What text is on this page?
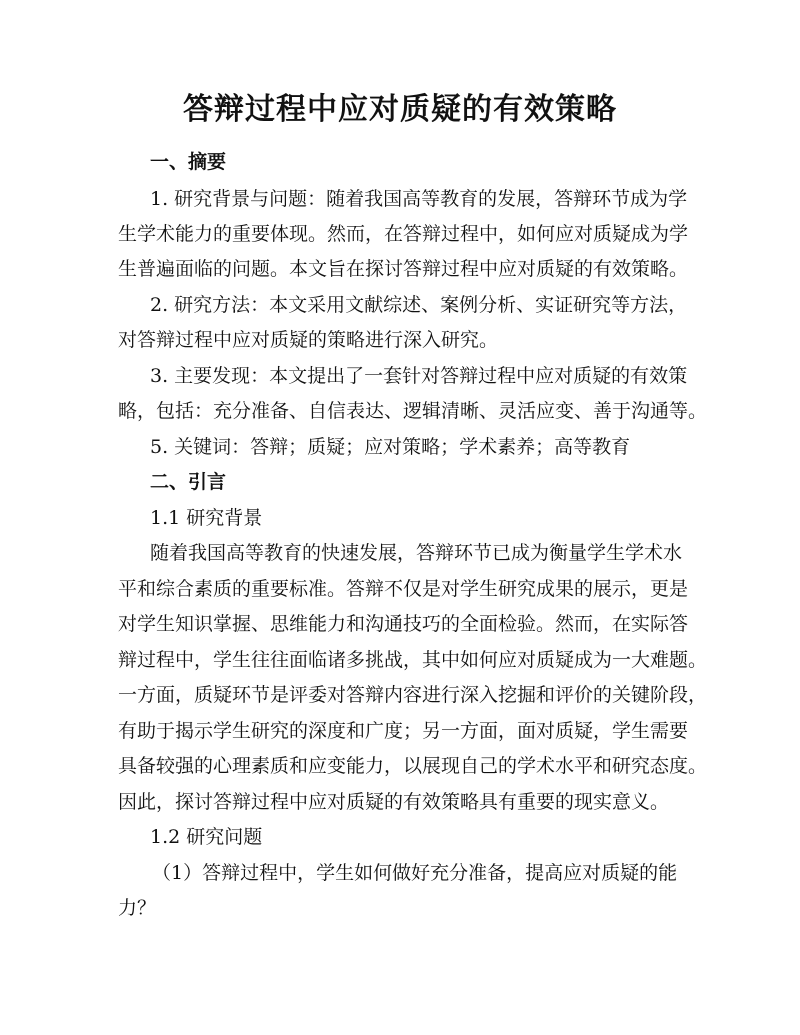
答辩过程中应对质疑的有效策略
一、摘要
1. 研究背景与问题：随着我国高等教育的发展，答辩环节成为学
生学术能力的重要体现。然而，在答辩过程中，如何应对质疑成为学
生普遍面临的问题。本文旨在探讨答辩过程中应对质疑的有效策略。
2. 研究方法：本文采用文献综述、案例分析、实证研究等方法，
对答辩过程中应对质疑的策略进行深入研究。
3. 主要发现：本文提出了一套针对答辩过程中应对质疑的有效策
略，包括：充分准备、自信表达、逻辑清晰、灵活应变、善于沟通等。
5. 关键词：答辩；质疑；应对策略；学术素养；高等教育
二、引言
1.1 研究背景
随着我国高等教育的快速发展，答辩环节已成为衡量学生学术水
平和综合素质的重要标准。答辩不仅是对学生研究成果的展示，更是
对学生知识掌握、思维能力和沟通技巧的全面检验。然而，在实际答
辩过程中，学生往往面临诸多挑战，其中如何应对质疑成为一大难题。
一方面，质疑环节是评委对答辩内容进行深入挖掘和评价的关键阶段，
有助于揭示学生研究的深度和广度；另一方面，面对质疑，学生需要
具备较强的心理素质和应变能力，以展现自己的学术水平和研究态度。
因此，探讨答辩过程中应对质疑的有效策略具有重要的现实意义。
1.2 研究问题
（1）答辩过程中，学生如何做好充分准备，提高应对质疑的能
力？
